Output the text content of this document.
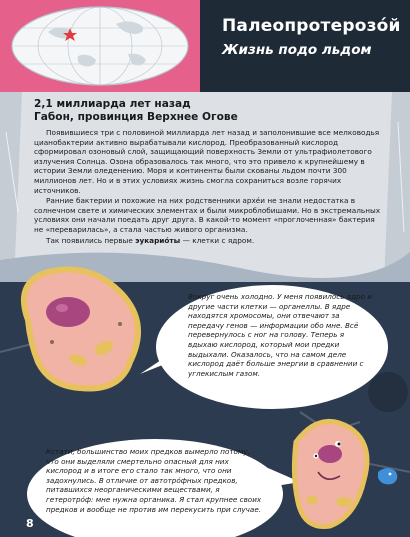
Палеопротерозóй
Жизнь подо льдом
2,1 миллиарда лет назад
Габон, провинция Верхнее Огове

Появившиеся три с половиной миллиарда лет назад и заполонившие все мелководья цианобактерии активно вырабатывали кислород. Преобразованный кислород сформировал озоновый слой, защищающий поверхность Земли от ультрафиолетового излучения Солнца. Озона образовалось так много, что это привело к крупнейшему в истории Земли оледенению. Моря и континенты были скованы льдом почти 300 миллионов лет. Но и в этих условиях жизнь смогла сохраниться возле горячих источников.

Ранние бактерии и похожие на них родственники архéи не знали недостатка в солнечном свете и химических элементах и были микроблобишами. Но в экстремальных условиях они начали поедать друг друга. В какой-то момент «проглоченная» бактерия не «переварилась», а стала частью живого организма.

Так появились первые эукарио́ты — клетки с ядром.

Вокруг очень холодно. У меня появилось ядро и другие части клетки — органеллы. В ядре находятся хромосомы, они отвечают за передачу генов — информации обо мне. Всё перевернулось с ног на голову. Теперь я вдыхаю кислород, который мои предки выдыхали. Оказалось, что на самом деле кислород даёт больше энергии в сравнении с углекислым газом.

Кстати, большинство моих предков вымерло потому, что они выделяли смертельно опасный для них кислород и в итоге его стало так много, что они задохнулись. В отличие от автотрóфных предков, питавшихся неорганическими веществами, я гетеротрóф: мне нужна органика. Я стал крупнее своих предков и вообще не против им перекусить при случае.

8
